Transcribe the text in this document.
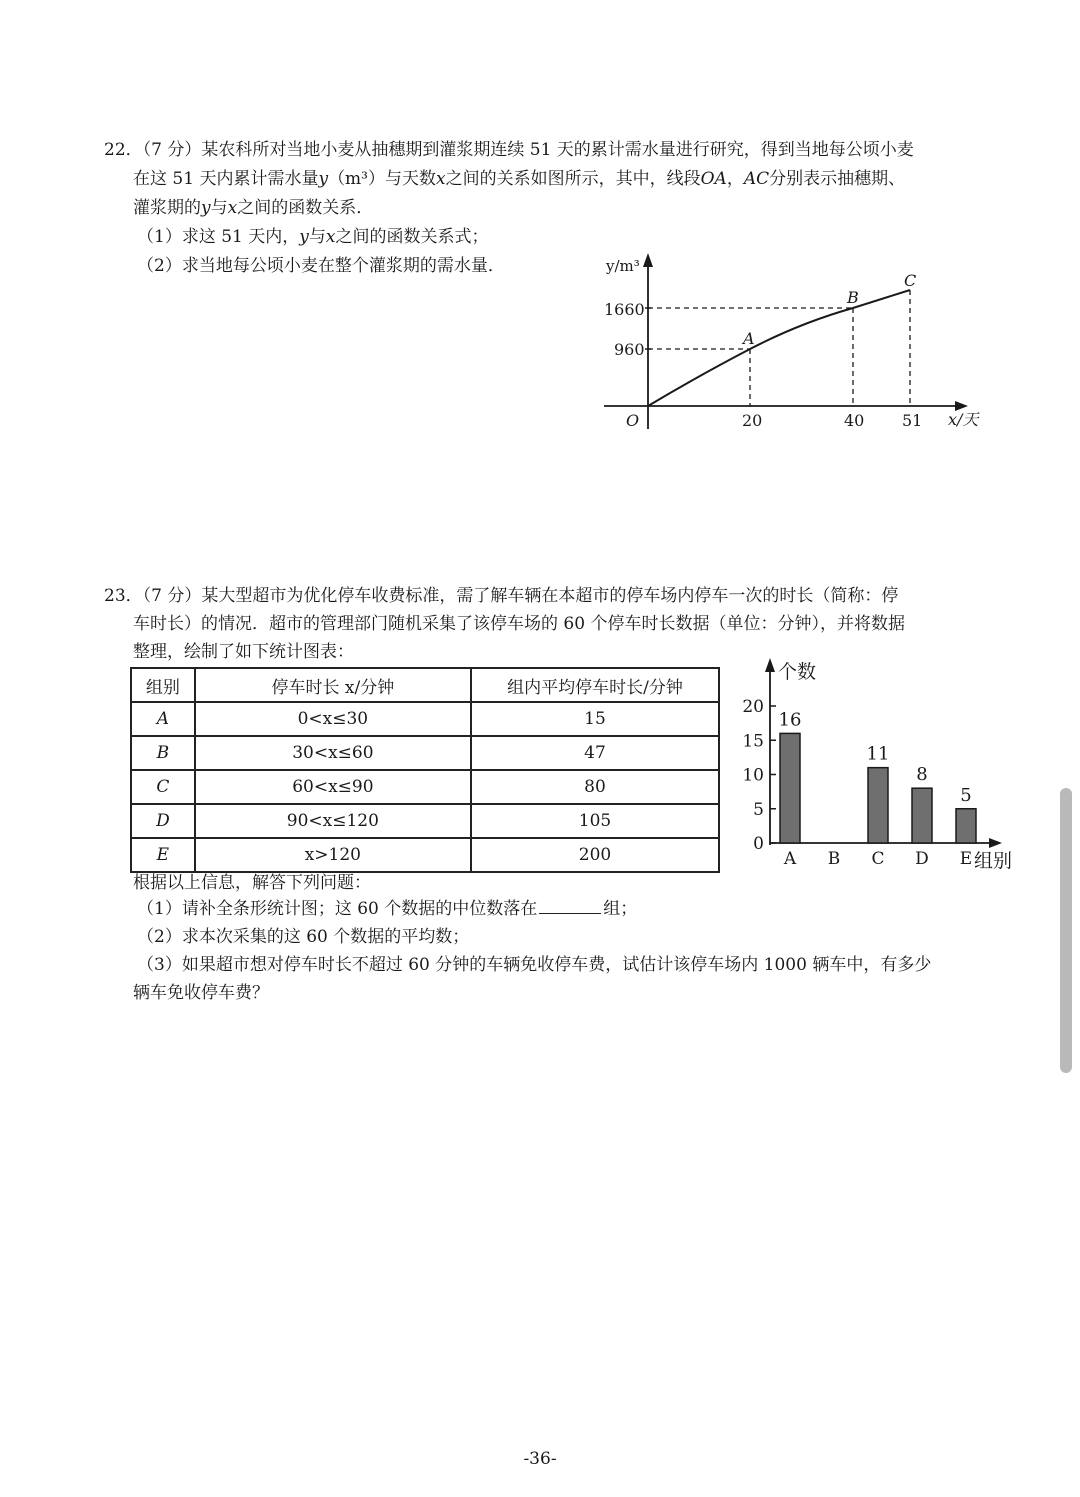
22．（7 分）某农科所对当地小麦从抽穗期到灌浆期连续 51 天的累计需水量进行研究，得到当地每公顷小麦
在这 51 天内累计需水量y（m³）与天数x之间的关系如图所示，其中，线段OA，AC分别表示抽穗期、
灌浆期的y与x之间的函数关系．
（1）求这 51 天内，y与x之间的函数关系式；
（2）求当地每公顷小麦在整个灌浆期的需水量．	y/m³
x/天
O
1660
960
20	40 51
A
B
C
23．（7 分）某大型超市为优化停车收费标准，需了解车辆在本超市的停车场内停车一次的时长（简称：停
车时长）的情况．超市的管理部门随机采集了该停车场的 60 个停车时长数据（单位：分钟），并将数据
整理，绘制了如下统计图表：
组别	停车时长 x/分钟	组内平均停车时长/分钟
A	0<x≤30	15
B	30<x≤60	47
C	60<x≤90	80
D	90<x≤120	105
E	x>120	200
个数
组别
0
5
10
15
20
16
A B
11
C
8
D
5
E
根据以上信息，解答下列问题：
（1）请补全条形统计图；这 60 个数据的中位数落在	组；
（2）求本次采集的这 60 个数据的平均数；
（3）如果超市想对停车时长不超过 60 分钟的车辆免收停车费，试估计该停车场内 1000 辆车中，有多少
辆车免收停车费？
-36-
